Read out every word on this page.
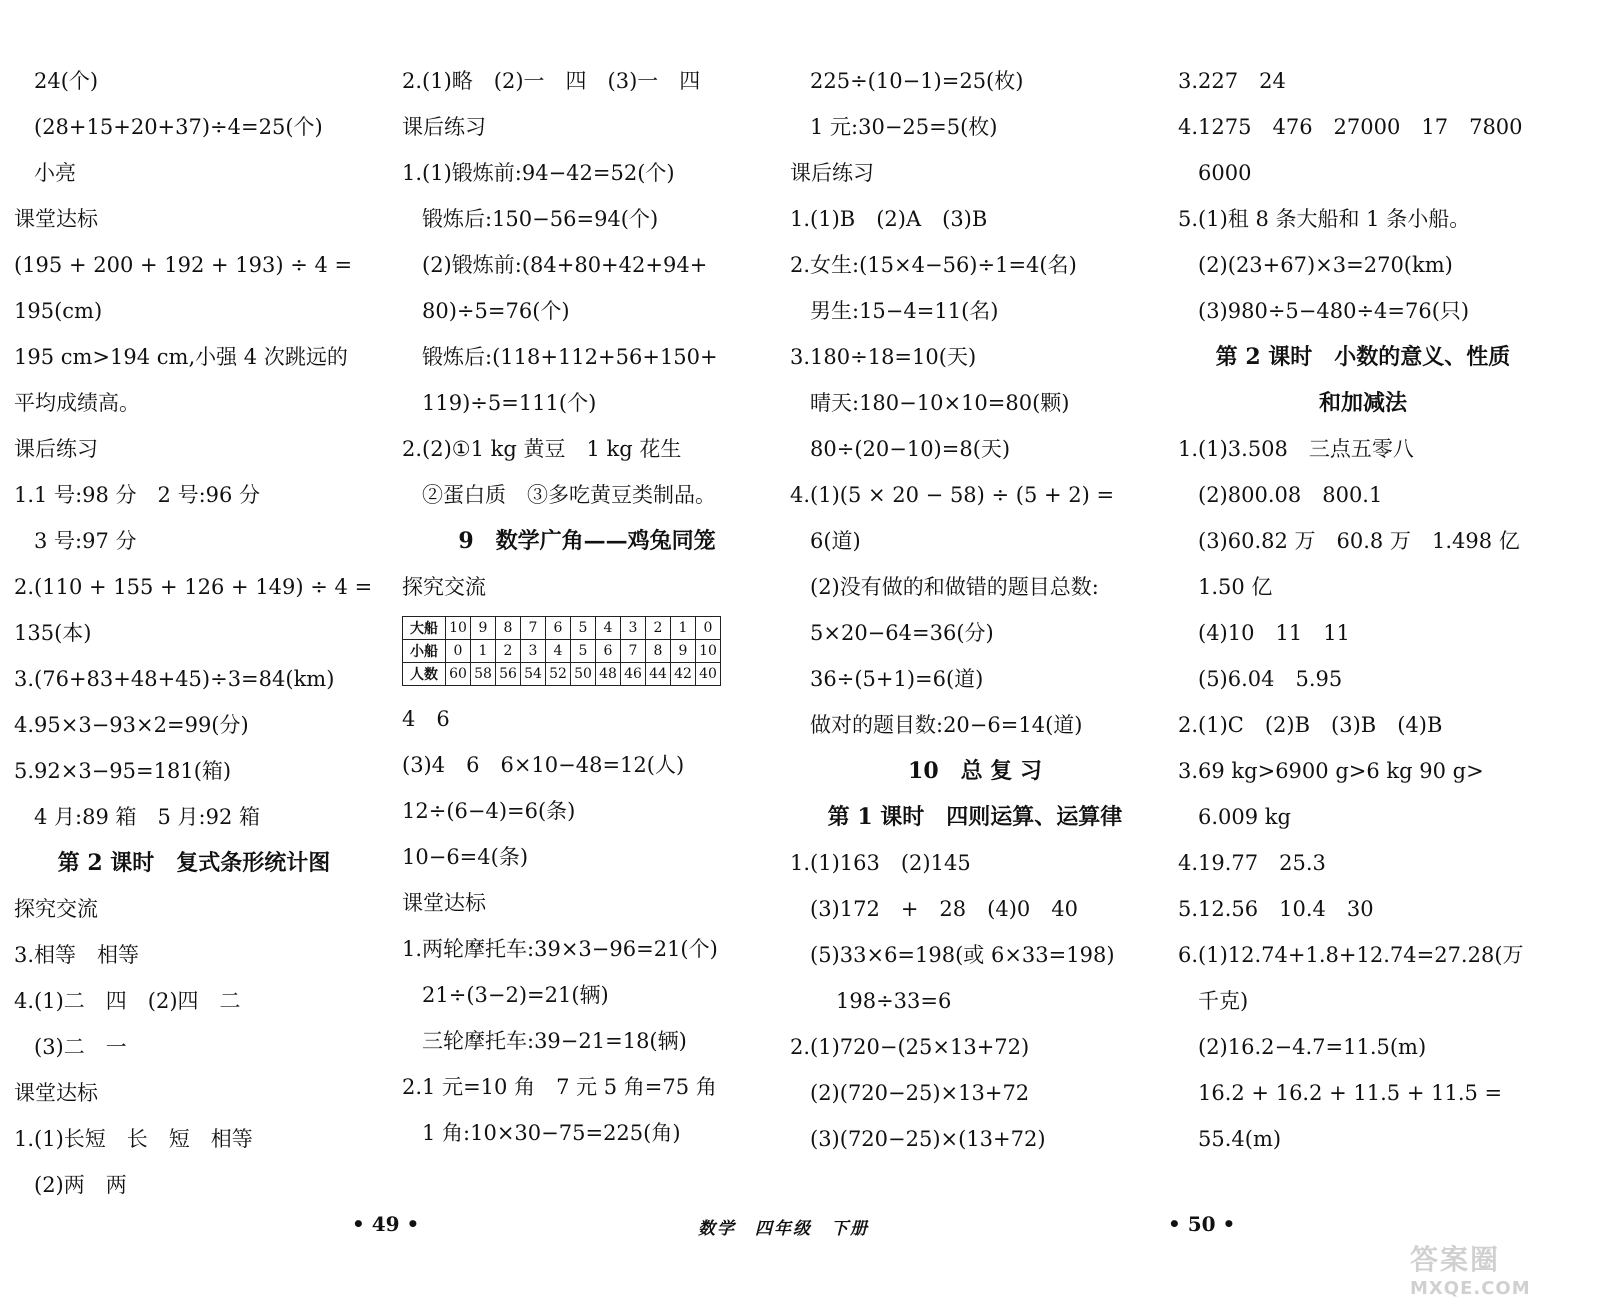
24(个)
(28+15+20+37)÷4=25(个)
小亮
课堂达标
(195 + 200 + 192 + 193) ÷ 4 =
195(cm)
195 cm>194 cm,小强 4 次跳远的
平均成绩高。
课后练习
1.1 号:98 分　2 号:96 分
3 号:97 分
2.(110 + 155 + 126 + 149) ÷ 4 =
135(本)
3.(76+83+48+45)÷3=84(km)
4.95×3−93×2=99(分)
5.92×3−95=181(箱)
4 月:89 箱　5 月:92 箱
第 2 课时　复式条形统计图
探究交流
3.相等　相等
4.(1)二　四　(2)四　二
(3)二　一
课堂达标
1.(1)长短　长　短　相等
(2)两　两
2.(1)略　(2)一　四　(3)一　四
课后练习
1.(1)锻炼前:94−42=52(个)
锻炼后:150−56=94(个)
(2)锻炼前:(84+80+42+94+
80)÷5=76(个)
锻炼后:(118+112+56+150+
119)÷5=111(个)
2.(2)①1 kg 黄豆　1 kg 花生
②蛋白质　③多吃黄豆类制品。
9　数学广角——鸡兔同笼
探究交流
大船	10	9	8	7	6	5	4	3	2	1	0
小船	0	1	2	3	4	5	6	7	8	9	10
人数	60	58	56	54	52	50	48	46	44	42	40
4　6
(3)4　6　6×10−48=12(人)
12÷(6−4)=6(条)
10−6=4(条)
课堂达标
1.两轮摩托车:39×3−96=21(个)
21÷(3−2)=21(辆)
三轮摩托车:39−21=18(辆)
2.1 元=10 角　7 元 5 角=75 角
1 角:10×30−75=225(角)
225÷(10−1)=25(枚)
1 元:30−25=5(枚)
课后练习
1.(1)B　(2)A　(3)B
2.女生:(15×4−56)÷1=4(名)
男生:15−4=11(名)
3.180÷18=10(天)
晴天:180−10×10=80(颗)
80÷(20−10)=8(天)
4.(1)(5 × 20 − 58) ÷ (5 + 2) =
6(道)
(2)没有做的和做错的题目总数:
5×20−64=36(分)
36÷(5+1)=6(道)
做对的题目数:20−6=14(道)
10　总 复 习
第 1 课时　四则运算、运算律
1.(1)163　(2)145
(3)172　+　28　(4)0　40
(5)33×6=198(或 6×33=198)
198÷33=6
2.(1)720−(25×13+72)
(2)(720−25)×13+72
(3)(720−25)×(13+72)
3.227　24
4.1275　476　27000　17　7800
6000
5.(1)租 8 条大船和 1 条小船。
(2)(23+67)×3=270(km)
(3)980÷5−480÷4=76(只)
第 2 课时　小数的意义、性质
和加减法
1.(1)3.508　三点五零八
(2)800.08　800.1
(3)60.82 万　60.8 万　1.498 亿
1.50 亿
(4)10　11　11
(5)6.04　5.95
2.(1)C　(2)B　(3)B　(4)B
3.69 kg>6900 g>6 kg 90 g>
6.009 kg
4.19.77　25.3
5.12.56　10.4　30
6.(1)12.74+1.8+12.74=27.28(万
千克)
(2)16.2−4.7=11.5(m)
16.2 + 16.2 + 11.5 + 11.5 =
55.4(m)
• 49 •	数学　四年级　下册	• 50 •
答案圈
MXQE.COM
